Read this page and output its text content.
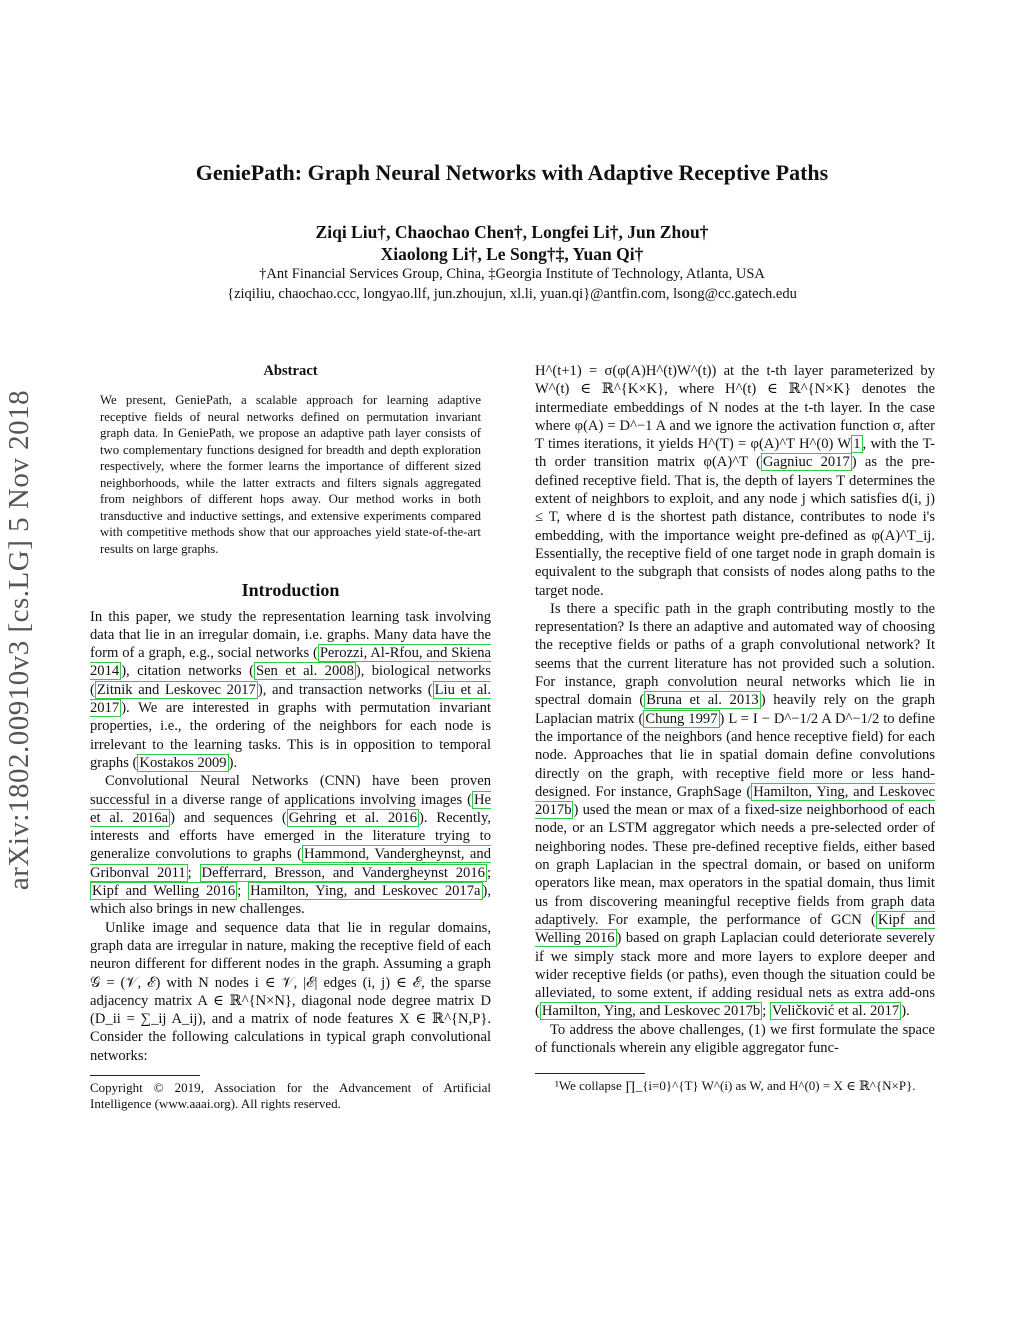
arXiv:1802.00910v3 [cs.LG] 5 Nov 2018
GeniePath: Graph Neural Networks with Adaptive Receptive Paths
Ziqi Liu†, Chaochao Chen†, Longfei Li†, Jun Zhou†
Xiaolong Li†, Le Song†‡, Yuan Qi†
†Ant Financial Services Group, China, ‡Georgia Institute of Technology, Atlanta, USA
{ziqiliu, chaochao.ccc, longyao.llf, jun.zhoujun, xl.li, yuan.qi}@antfin.com, lsong@cc.gatech.edu
Abstract
We present, GeniePath, a scalable approach for learning adaptive receptive fields of neural networks defined on permutation invariant graph data. In GeniePath, we propose an adaptive path layer consists of two complementary functions designed for breadth and depth exploration respectively, where the former learns the importance of different sized neighborhoods, while the latter extracts and filters signals aggregated from neighbors of different hops away. Our method works in both transductive and inductive settings, and extensive experiments compared with competitive methods show that our approaches yield state-of-the-art results on large graphs.
Introduction

In this paper, we study the representation learning task involving data that lie in an irregular domain, i.e. graphs. Many data have the form of a graph, e.g., social networks ( Perozzi, Al-Rfou, and Skiena 2014 ), citation networks ( Sen et al. 2008 ), biological networks ( Zitnik and Leskovec 2017 ), and transaction networks ( Liu et al. 2017 ). We are interested in graphs with permutation invariant properties, i.e., the ordering of the neighbors for each node is irrelevant to the learning tasks. This is in opposition to temporal graphs ( Kostakos 2009 ).

Convolutional Neural Networks (CNN) have been proven successful in a diverse range of applications involving images ( He et al. 2016a ) and sequences ( Gehring et al. 2016 ). Recently, interests and efforts have emerged in the literature trying to generalize convolutions to graphs ( Hammond, Vandergheynst, and Gribonval 2011 ; Defferrard, Bresson, and Vandergheynst 2016 ; Kipf and Welling 2016 ; Hamilton, Ying, and Leskovec 2017a ), which also brings in new challenges.

Unlike image and sequence data that lie in regular domains, graph data are irregular in nature, making the receptive field of each neuron different for different nodes in the graph. Assuming a graph 𝒢 = (𝒱, ℰ) with N nodes i ∈ 𝒱, |ℰ| edges (i, j) ∈ ℰ, the sparse adjacency matrix A ∈ ℝ^{N×N}, diagonal node degree matrix D (D_ii = ∑_ij A_ij), and a matrix of node features X ∈ ℝ^{N,P}. Consider the following calculations in typical graph convolutional networks:

Copyright © 2019, Association for the Advancement of Artificial Intelligence (www.aaai.org). All rights reserved.

H^(t+1) = σ(φ(A)H^(t)W^(t)) at the t-th layer parameterized by W^(t) ∈ ℝ^{K×K}, where H^(t) ∈ ℝ^{N×K} denotes the intermediate embeddings of N nodes at the t-th layer. In the case where φ(A) = D^−1 A and we ignore the activation function σ, after T times iterations, it yields H^(T) = φ(A)^T H^(0) W 1 , with the T-th order transition matrix φ(A)^T ( Gagniuc 2017 ) as the pre-defined receptive field. That is, the depth of layers T determines the extent of neighbors to exploit, and any node j which satisfies d(i, j) ≤ T, where d is the shortest path distance, contributes to node i's embedding, with the importance weight pre-defined as φ(A)^T_ij. Essentially, the receptive field of one target node in graph domain is equivalent to the subgraph that consists of nodes along paths to the target node.

Is there a specific path in the graph contributing mostly to the representation? Is there an adaptive and automated way of choosing the receptive fields or paths of a graph convolutional network? It seems that the current literature has not provided such a solution. For instance, graph convolution neural networks which lie in spectral domain ( Bruna et al. 2013 ) heavily rely on the graph Laplacian matrix ( Chung 1997 ) L = I − D^−1/2 A D^−1/2 to define the importance of the neighbors (and hence receptive field) for each node. Approaches that lie in spatial domain define convolutions directly on the graph, with receptive field more or less hand-designed. For instance, GraphSage ( Hamilton, Ying, and Leskovec 2017b ) used the mean or max of a fixed-size neighborhood of each node, or an LSTM aggregator which needs a pre-selected order of neighboring nodes. These pre-defined receptive fields, either based on graph Laplacian in the spectral domain, or based on uniform operators like mean, max operators in the spatial domain, thus limit us from discovering meaningful receptive fields from graph data adaptively. For example, the performance of GCN ( Kipf and Welling 2016 ) based on graph Laplacian could deteriorate severely if we simply stack more and more layers to explore deeper and wider receptive fields (or paths), even though the situation could be alleviated, to some extent, if adding residual nets as extra add-ons ( Hamilton, Ying, and Leskovec 2017b ; Veličković et al. 2017 ).

To address the above challenges, (1) we first formulate the space of functionals wherein any eligible aggregator func-

¹We collapse ∏_{i=0}^{T} W^(i) as W, and H^(0) = X ∈ ℝ^{N×P}.
